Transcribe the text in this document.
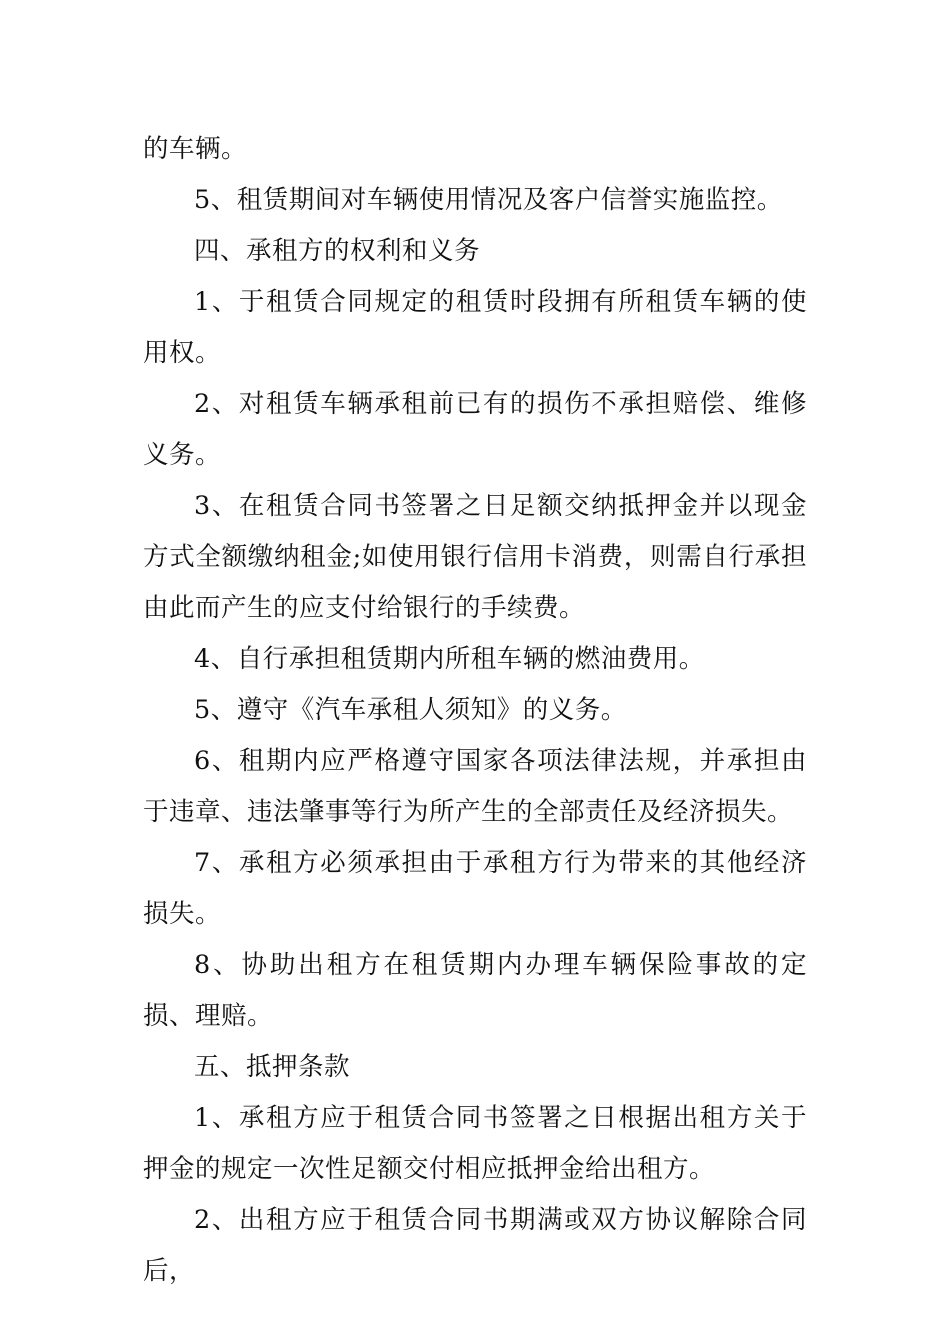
的车辆。

5、租赁期间对车辆使用情况及客户信誉实施监控。

四、承租方的权利和义务

1、于租赁合同规定的租赁时段拥有所租赁车辆的使用权。

2、对租赁车辆承租前已有的损伤不承担赔偿、维修义务。

3、在租赁合同书签署之日足额交纳抵押金并以现金方式全额缴纳租金;如使用银行信用卡消费，则需自行承担由此而产生的应支付给银行的手续费。

4、自行承担租赁期内所租车辆的燃油费用。

5、遵守《汽车承租人须知》的义务。

6、租期内应严格遵守国家各项法律法规，并承担由于违章、违法肇事等行为所产生的全部责任及经济损失。

7、承租方必须承担由于承租方行为带来的其他经济损失。

8、协助出租方在租赁期内办理车辆保险事故的定损、理赔。

五、抵押条款

1、承租方应于租赁合同书签署之日根据出租方关于押金的规定一次性足额交付相应抵押金给出租方。

2、出租方应于租赁合同书期满或双方协议解除合同后，
